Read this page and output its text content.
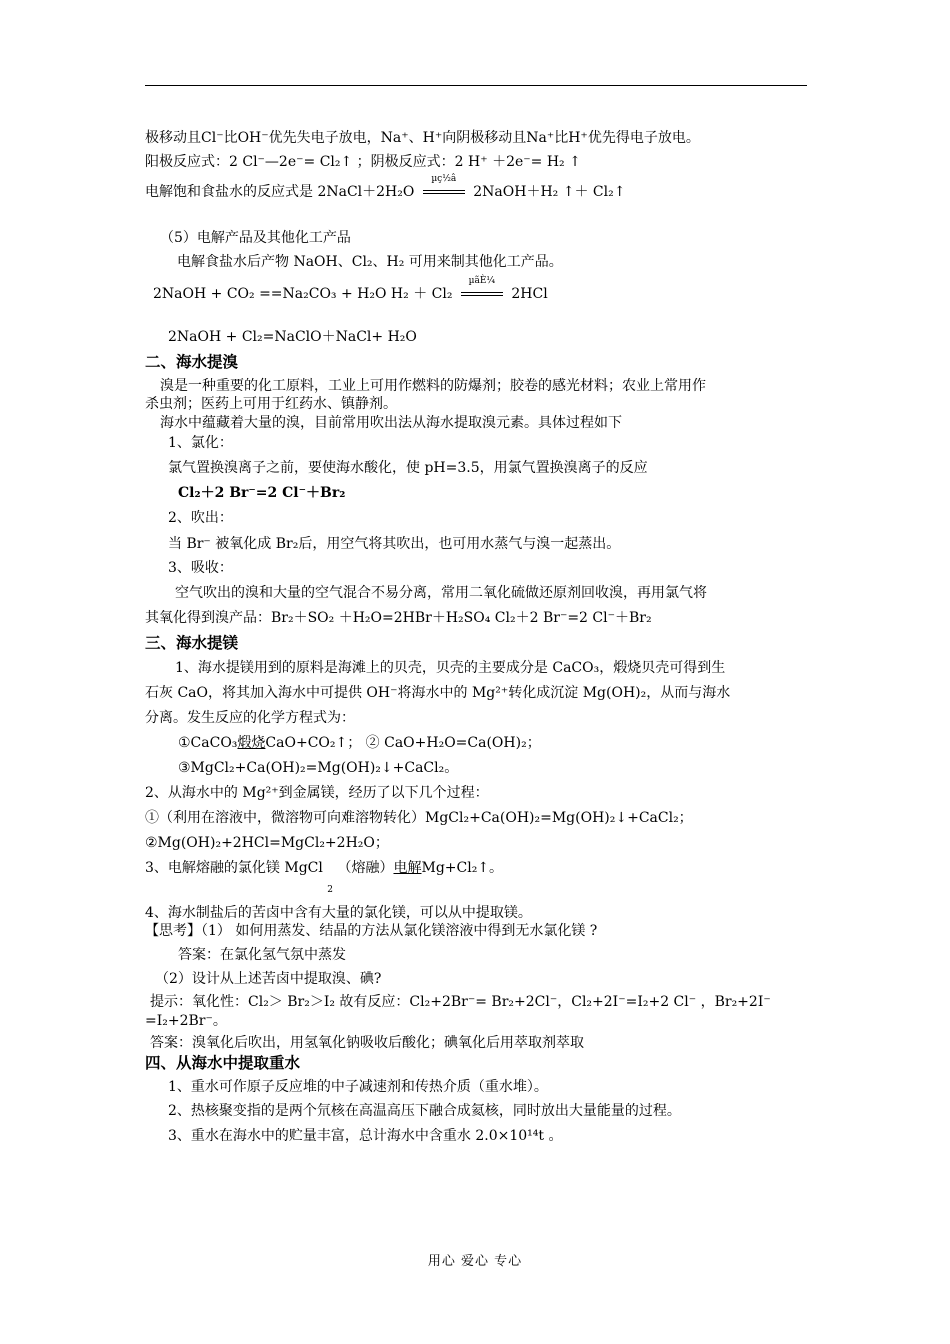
极移动且Cl⁻比OH⁻优先失电子放电，Na⁺、H⁺向阴极移动且Na⁺比H⁺优先得电子放电。
阳极反应式：2 Cl⁻—2e⁻= Cl₂↑ ；阴极反应式：2 H⁺ ＋2e⁻= H₂ ↑
电解饱和食盐水的反应式是 2NaCl＋2H₂O
µç½â
2NaOH＋H₂ ↑＋ Cl₂↑
（5）电解产品及其他化工产品
电解食盐水后产物 NaOH、Cl₂、H₂ 可用来制其他化工产品。
2NaOH + CO₂ ==Na₂CO₃ + H₂O H₂ ＋ Cl₂
µãÈ¼
2HCl
2NaOH + Cl₂=NaClO＋NaCl+ H₂O
二、海水提溴
溴是一种重要的化工原料，工业上可用作燃料的防爆剂；胶卷的感光材料；农业上常用作
杀虫剂；医药上可用于红药水、镇静剂。
海水中蕴藏着大量的溴，目前常用吹出法从海水提取溴元素。具体过程如下
1、氯化：
氯气置换溴离子之前，要使海水酸化，使 pH=3.5，用氯气置换溴离子的反应
Cl₂＋2 Br⁻=2 Cl⁻＋Br₂
2、吹出：
当 Br⁻ 被氧化成 Br₂后，用空气将其吹出，也可用水蒸气与溴一起蒸出。
3、吸收：
空气吹出的溴和大量的空气混合不易分离，常用二氧化硫做还原剂回收溴，再用氯气将
其氧化得到溴产品：Br₂＋SO₂ ＋H₂O=2HBr＋H₂SO₄ Cl₂＋2 Br⁻=2 Cl⁻＋Br₂
三、海水提镁
1、海水提镁用到的原料是海滩上的贝壳，贝壳的主要成分是 CaCO₃，煅烧贝壳可得到生
石灰 CaO，将其加入海水中可提供 OH⁻将海水中的 Mg²⁺转化成沉淀 Mg(OH)₂，从而与海水
分离。发生反应的化学方程式为：
①CaCO₃煅烧CaO+CO₂↑； ② CaO+H₂O=Ca(OH)₂；
③MgCl₂+Ca(OH)₂=Mg(OH)₂↓+CaCl₂。
2、从海水中的 Mg²⁺到金属镁，经历了以下几个过程：
①（利用在溶液中，微溶物可向难溶物转化）MgCl₂+Ca(OH)₂=Mg(OH)₂↓+CaCl₂；
②Mg(OH)₂+2HCl=MgCl₂+2H₂O；
3、电解熔融的氯化镁 MgCl $_2$ （熔融）电解Mg+Cl₂↑。
4、海水制盐后的苦卤中含有大量的氯化镁，可以从中提取镁。
【思考】（1） 如何用蒸发、结晶的方法从氯化镁溶液中得到无水氯化镁 ?
答案：在氯化氢气氛中蒸发
（2）设计从上述苦卤中提取溴、碘?
提示：氧化性：Cl₂＞ Br₂＞I₂ 故有反应：Cl₂+2Br⁻= Br₂+2Cl⁻，Cl₂+2I⁻=I₂+2 Cl⁻ ，Br₂+2I⁻
=I₂+2Br⁻。
答案：溴氧化后吹出，用氢氧化钠吸收后酸化；碘氧化后用萃取剂萃取
四、从海水中提取重水
1、重水可作原子反应堆的中子减速剂和传热介质（重水堆）。
2、热核聚变指的是两个氘核在高温高压下融合成氦核，同时放出大量能量的过程。
3、重水在海水中的贮量丰富，总计海水中含重水 2.0×10¹⁴t 。
用心 爱心 专心
